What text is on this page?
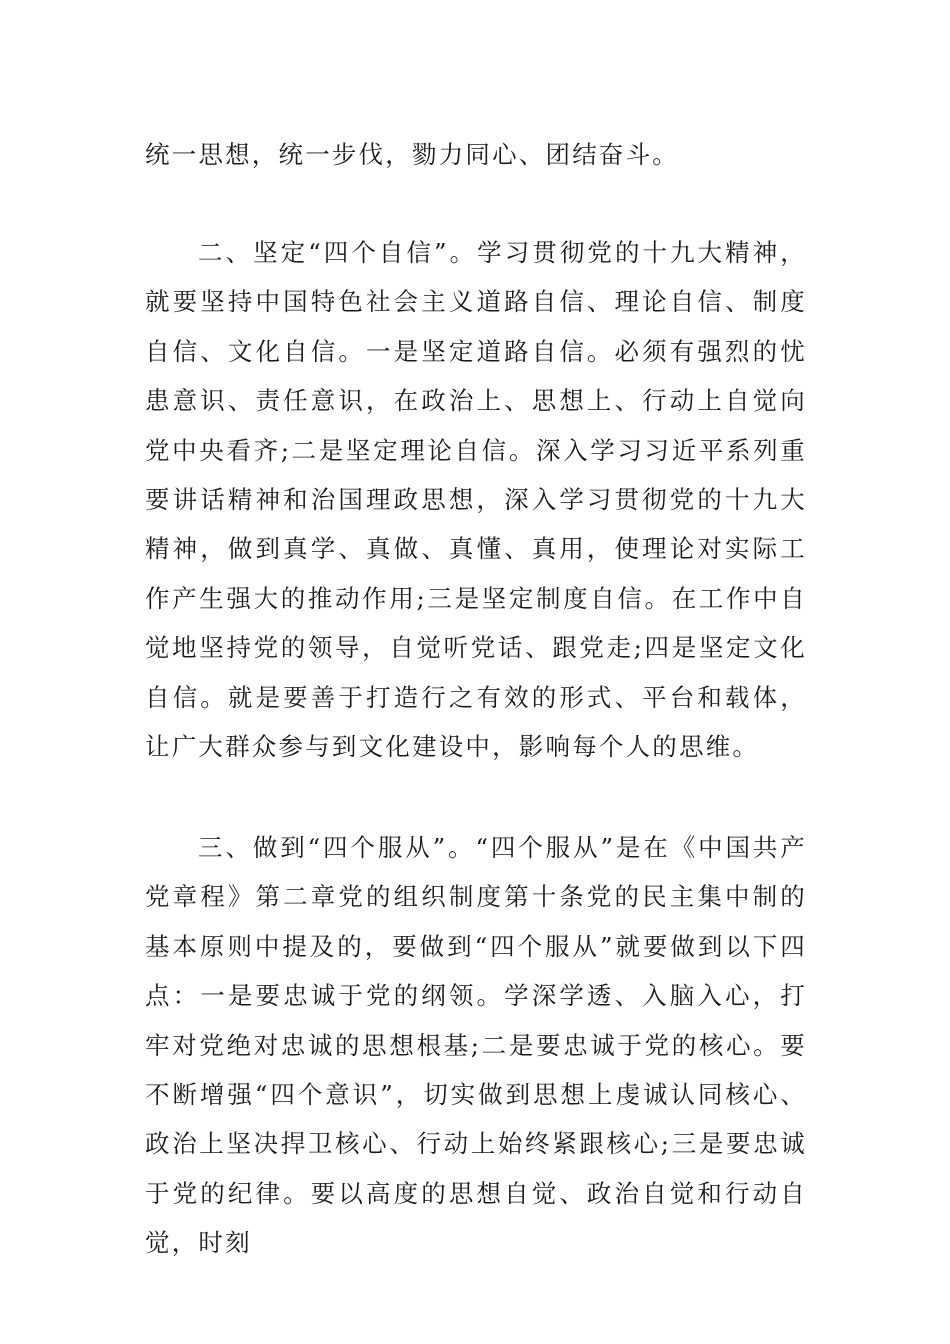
统一思想，统一步伐，勠力同心、团结奋斗。

二、坚定“四个自信”。学习贯彻党的十九大精神，就要坚持中国特色社会主义道路自信、理论自信、制度自信、文化自信。一是坚定道路自信。必须有强烈的忧患意识、责任意识，在政治上、思想上、行动上自觉向党中央看齐;二是坚定理论自信。深入学习习近平系列重要讲话精神和治国理政思想，深入学习贯彻党的十九大精神，做到真学、真做、真懂、真用，使理论对实际工作产生强大的推动作用;三是坚定制度自信。在工作中自觉地坚持党的领导，自觉听党话、跟党走;四是坚定文化自信。就是要善于打造行之有效的形式、平台和载体，让广大群众参与到文化建设中，影响每个人的思维。

三、做到“四个服从”。“四个服从”是在《中国共产党章程》第二章党的组织制度第十条党的民主集中制的基本原则中提及的，要做到“四个服从”就要做到以下四点：一是要忠诚于党的纲领。学深学透、入脑入心，打牢对党绝对忠诚的思想根基;二是要忠诚于党的核心。要不断增强“四个意识”，切实做到思想上虔诚认同核心、政治上坚决捍卫核心、行动上始终紧跟核心;三是要忠诚于党的纪律。要以高度的思想自觉、政治自觉和行动自觉，时刻
